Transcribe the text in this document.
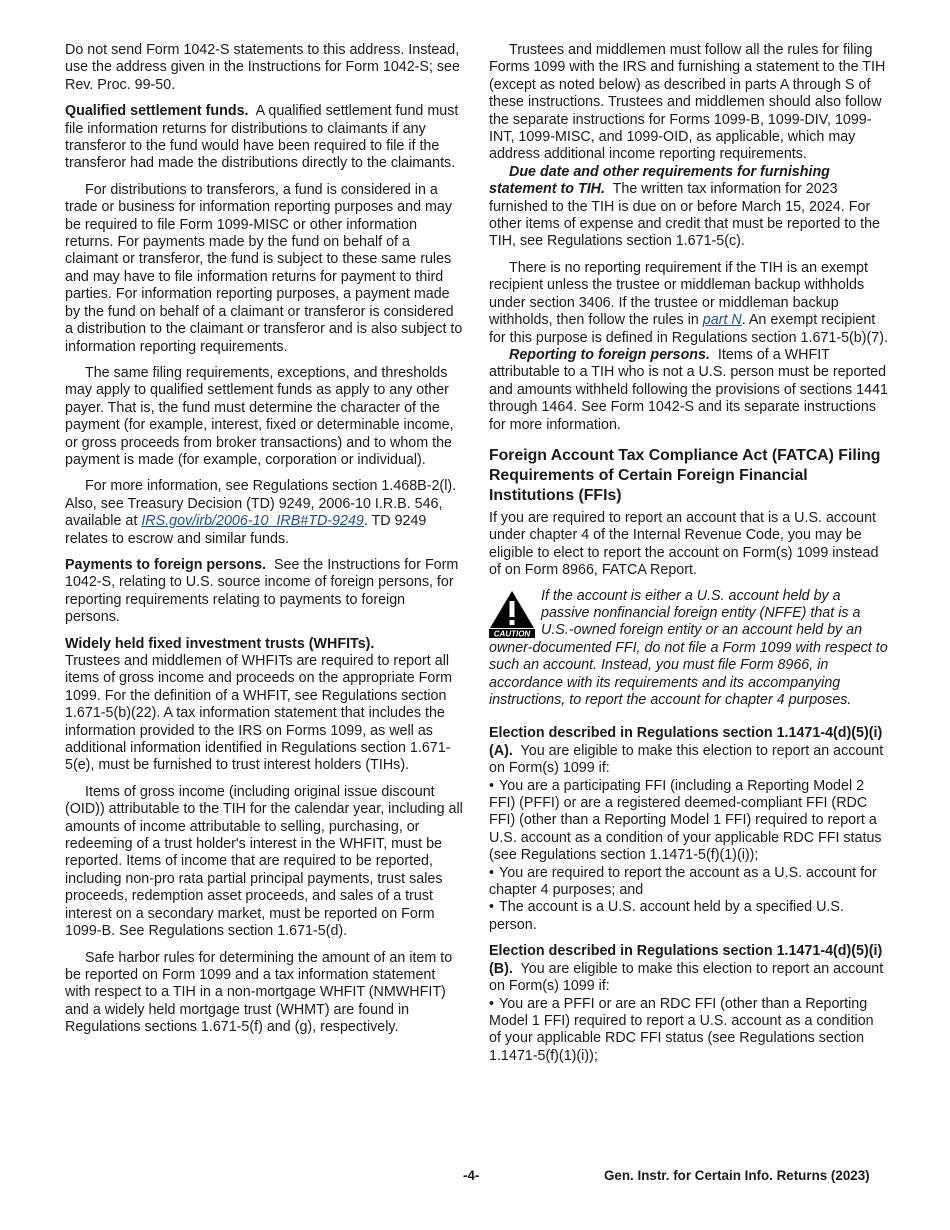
Do not send Form 1042-S statements to this address. Instead, use the address given in the Instructions for Form 1042-S; see Rev. Proc. 99-50.

Qualified settlement funds. A qualified settlement fund must file information returns for distributions to claimants if any transferor to the fund would have been required to file if the transferor had made the distributions directly to the claimants.

For distributions to transferors, a fund is considered in a trade or business for information reporting purposes and may be required to file Form 1099-MISC or other information returns. For payments made by the fund on behalf of a claimant or transferor, the fund is subject to these same rules and may have to file information returns for payment to third parties. For information reporting purposes, a payment made by the fund on behalf of a claimant or transferor is considered a distribution to the claimant or transferor and is also subject to information reporting requirements.

The same filing requirements, exceptions, and thresholds may apply to qualified settlement funds as apply to any other payer. That is, the fund must determine the character of the payment (for example, interest, fixed or determinable income, or gross proceeds from broker transactions) and to whom the payment is made (for example, corporation or individual).

For more information, see Regulations section 1.468B-2(l). Also, see Treasury Decision (TD) 9249, 2006-10 I.R.B. 546, available at IRS.gov/irb/2006-10_IRB#TD-9249. TD 9249 relates to escrow and similar funds.

Payments to foreign persons. See the Instructions for Form 1042-S, relating to U.S. source income of foreign persons, for reporting requirements relating to payments to foreign persons.

Widely held fixed investment trusts (WHFITs).
Trustees and middlemen of WHFITs are required to report all items of gross income and proceeds on the appropriate Form 1099. For the definition of a WHFIT, see Regulations section 1.671-5(b)(22). A tax information statement that includes the information provided to the IRS on Forms 1099, as well as additional information identified in Regulations section 1.671-5(e), must be furnished to trust interest holders (TIHs).

Items of gross income (including original issue discount (OID)) attributable to the TIH for the calendar year, including all amounts of income attributable to selling, purchasing, or redeeming of a trust holder's interest in the WHFIT, must be reported. Items of income that are required to be reported, including non-pro rata partial principal payments, trust sales proceeds, redemption asset proceeds, and sales of a trust interest on a secondary market, must be reported on Form 1099-B. See Regulations section 1.671-5(d).

Safe harbor rules for determining the amount of an item to be reported on Form 1099 and a tax information statement with respect to a TIH in a non-mortgage WHFIT (NMWHFIT) and a widely held mortgage trust (WHMT) are found in Regulations sections 1.671-5(f) and (g), respectively.

Trustees and middlemen must follow all the rules for filing Forms 1099 with the IRS and furnishing a statement to the TIH (except as noted below) as described in parts A through S of these instructions. Trustees and middlemen should also follow the separate instructions for Forms 1099-B, 1099-DIV, 1099-INT, 1099-MISC, and 1099-OID, as applicable, which may address additional income reporting requirements.

Due date and other requirements for furnishing statement to TIH. The written tax information for 2023 furnished to the TIH is due on or before March 15, 2024. For other items of expense and credit that must be reported to the TIH, see Regulations section 1.671-5(c).

There is no reporting requirement if the TIH is an exempt recipient unless the trustee or middleman backup withholds under section 3406. If the trustee or middleman backup withholds, then follow the rules in part N. An exempt recipient for this purpose is defined in Regulations section 1.671-5(b)(7).

Reporting to foreign persons. Items of a WHFIT attributable to a TIH who is not a U.S. person must be reported and amounts withheld following the provisions of sections 1441 through 1464. See Form 1042-S and its separate instructions for more information.

Foreign Account Tax Compliance Act (FATCA) Filing Requirements of Certain Foreign Financial Institutions (FFIs)

If you are required to report an account that is a U.S. account under chapter 4 of the Internal Revenue Code, you may be eligible to elect to report the account on Form(s) 1099 instead of on Form 8966, FATCA Report.

CAUTION
If the account is either a U.S. account held by a passive nonfinancial foreign entity (NFFE) that is a U.S.-owned foreign entity or an account held by an owner-documented FFI, do not file a Form 1099 with respect to such an account. Instead, you must file Form 8966, in accordance with its requirements and its accompanying instructions, to report the account for chapter 4 purposes.

Election described in Regulations section 1.1471-4(d)(5)(i)(A). You are eligible to make this election to report an account on Form(s) 1099 if:

• You are a participating FFI (including a Reporting Model 2 FFI) (PFFI) or are a registered deemed-compliant FFI (RDC FFI) (other than a Reporting Model 1 FFI) required to report a U.S. account as a condition of your applicable RDC FFI status (see Regulations section 1.1471-5(f)(1)(i));

• You are required to report the account as a U.S. account for chapter 4 purposes; and

• The account is a U.S. account held by a specified U.S. person.

Election described in Regulations section 1.1471-4(d)(5)(i)(B). You are eligible to make this election to report an account on Form(s) 1099 if:

• You are a PFFI or are an RDC FFI (other than a Reporting Model 1 FFI) required to report a U.S. account as a condition of your applicable RDC FFI status (see Regulations section 1.1471-5(f)(1)(i));

-4-	Gen. Instr. for Certain Info. Returns (2023)
